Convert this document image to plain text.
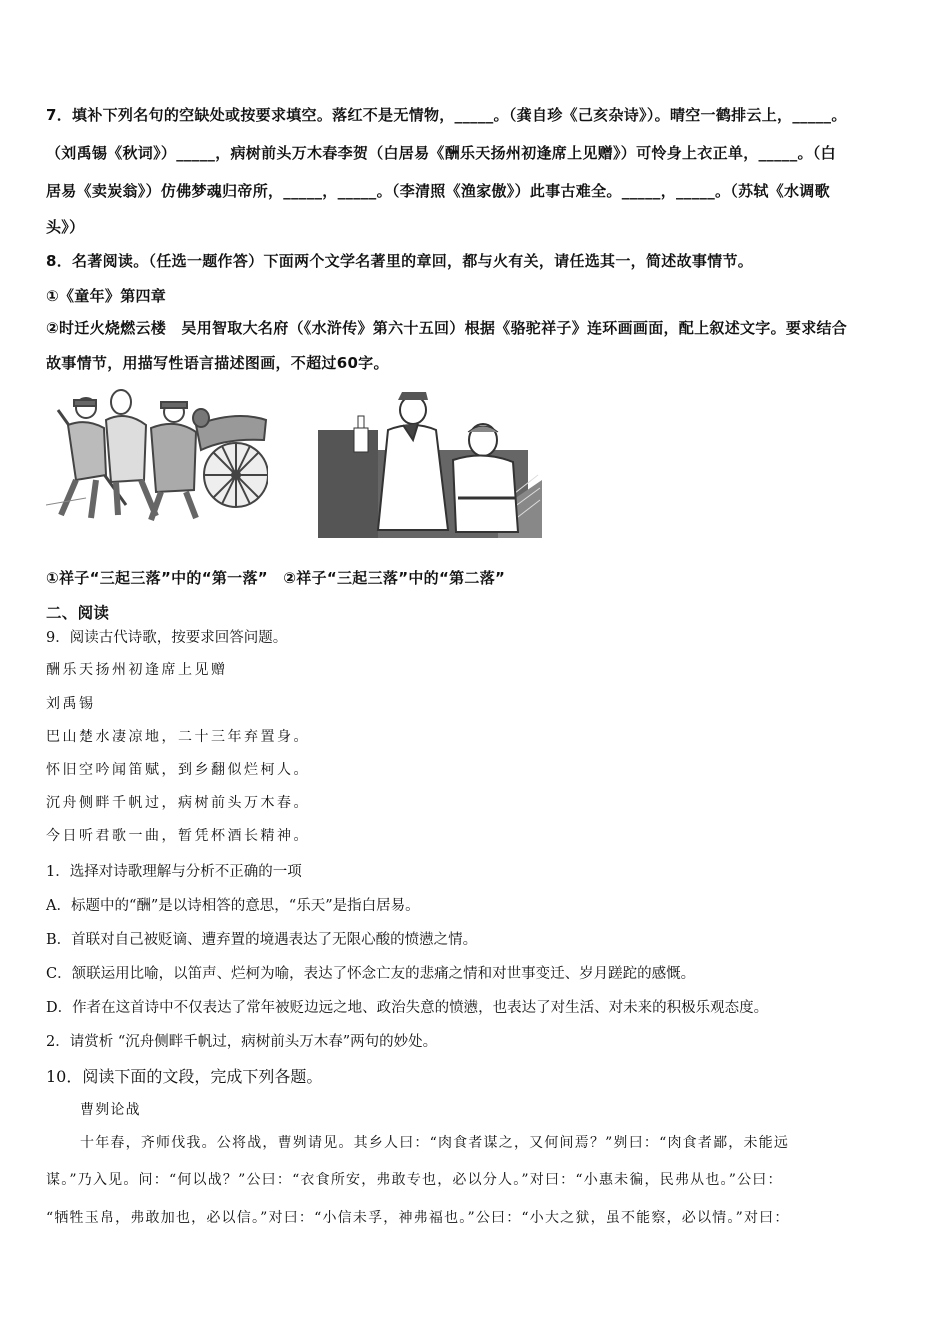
7．填补下列名句的空缺处或按要求填空。落红不是无情物，_____。（龚自珍《己亥杂诗》）。晴空一鹤排云上，_____。
（刘禹锡《秋词》）_____，病树前头万木春李贺（白居易《酬乐天扬州初逢席上见赠》）可怜身上衣正单，_____。（白
居易《卖炭翁》）仿佛梦魂归帝所，_____，_____。（李清照《渔家傲》）此事古难全。_____，_____。（苏轼《水调歌
头》）
8．名著阅读。（任选一题作答）下面两个文学名著里的章回，都与火有关，请任选其一，简述故事情节。
①《童年》第四章
②时迁火烧燃云楼　吴用智取大名府（《水浒传》第六十五回）根据《骆驼祥子》连环画画面，配上叙述文字。要求结合
故事情节，用描写性语言描述图画，不超过60字。
①祥子“三起三落”中的“第一落”　②祥子“三起三落”中的“第二落”
二、阅读
9．阅读古代诗歌，按要求回答问题。
酬乐天扬州初逢席上见赠
刘禹锡
巴山楚水凄凉地，二十三年弃置身。
怀旧空吟闻笛赋，到乡翻似烂柯人。
沉舟侧畔千帆过，病树前头万木春。
今日听君歌一曲，暂凭杯酒长精神。
1．选择对诗歌理解与分析不正确的一项
A．标题中的“酬”是以诗相答的意思，“乐天”是指白居易。
B．首联对自己被贬谪、遭弃置的境遇表达了无限心酸的愤懑之情。
C．颔联运用比喻，以笛声、烂柯为喻，表达了怀念亡友的悲痛之情和对世事变迁、岁月蹉跎的感慨。
D．作者在这首诗中不仅表达了常年被贬边远之地、政治失意的愤懑，也表达了对生活、对未来的积极乐观态度。
2．请赏析 “沉舟侧畔千帆过，病树前头万木春”两句的妙处。
10．阅读下面的文段，完成下列各题。
曹刿论战
十年春，齐师伐我。公将战，曹刿请见。其乡人曰：“肉食者谋之，又何间焉？”刿曰：“肉食者鄙，未能远
谋。”乃入见。问：“何以战？”公曰：“衣食所安，弗敢专也，必以分人。”对曰：“小惠未徧，民弗从也。”公曰：
“牺牲玉帛，弗敢加也，必以信。”对曰：“小信未孚，神弗福也。”公曰：“小大之狱，虽不能察，必以情。”对曰：
